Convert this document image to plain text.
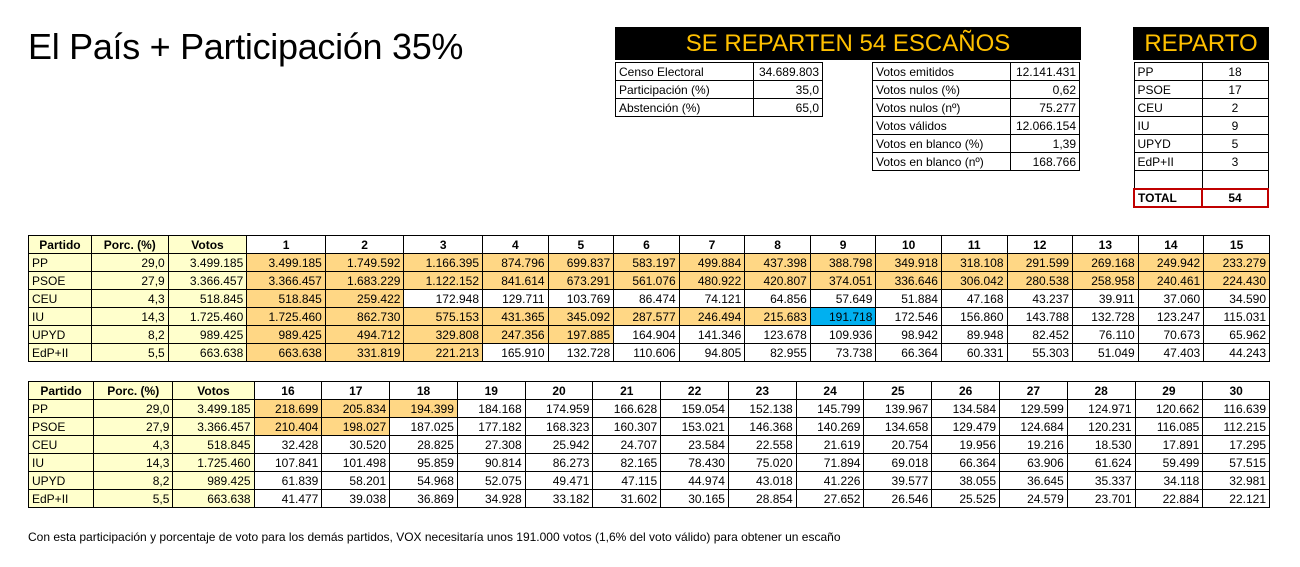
El País + Participación 35%	SE REPARTEN 54 ESCAÑOS	REPARTO
Censo Electoral	34.689.803
Participación (%)	35,0
Abstención (%)	65,0
Votos emitidos	12.141.431
Votos nulos (%)	0,62
Votos nulos (nº)	75.277
Votos válidos	12.066.154
Votos en blanco (%)	1,39
Votos en blanco (nº)	168.766
PP	18
PSOE	17
CEU	2
IU	9
UPYD	5
EdP+II	3

TOTAL	54
Partido	Porc. (%)	Votos	1	2	3	4	5	6	7	8	9	10	11	12	13	14	15
PP	29,0	3.499.185	3.499.185	1.749.592	1.166.395	874.796	699.837	583.197	499.884	437.398	388.798	349.918	318.108	291.599	269.168	249.942	233.279
PSOE	27,9	3.366.457	3.366.457	1.683.229	1.122.152	841.614	673.291	561.076	480.922	420.807	374.051	336.646	306.042	280.538	258.958	240.461	224.430
CEU	4,3	518.845	518.845	259.422	172.948	129.711	103.769	86.474	74.121	64.856	57.649	51.884	47.168	43.237	39.911	37.060	34.590
IU	14,3	1.725.460	1.725.460	862.730	575.153	431.365	345.092	287.577	246.494	215.683	191.718	172.546	156.860	143.788	132.728	123.247	115.031
UPYD	8,2	989.425	989.425	494.712	329.808	247.356	197.885	164.904	141.346	123.678	109.936	98.942	89.948	82.452	76.110	70.673	65.962
EdP+II	5,5	663.638	663.638	331.819	221.213	165.910	132.728	110.606	94.805	82.955	73.738	66.364	60.331	55.303	51.049	47.403	44.243
Partido	Porc. (%)	Votos	16	17	18	19	20	21	22	23	24	25	26	27	28	29	30
PP	29,0	3.499.185	218.699	205.834	194.399	184.168	174.959	166.628	159.054	152.138	145.799	139.967	134.584	129.599	124.971	120.662	116.639
PSOE	27,9	3.366.457	210.404	198.027	187.025	177.182	168.323	160.307	153.021	146.368	140.269	134.658	129.479	124.684	120.231	116.085	112.215
CEU	4,3	518.845	32.428	30.520	28.825	27.308	25.942	24.707	23.584	22.558	21.619	20.754	19.956	19.216	18.530	17.891	17.295
IU	14,3	1.725.460	107.841	101.498	95.859	90.814	86.273	82.165	78.430	75.020	71.894	69.018	66.364	63.906	61.624	59.499	57.515
UPYD	8,2	989.425	61.839	58.201	54.968	52.075	49.471	47.115	44.974	43.018	41.226	39.577	38.055	36.645	35.337	34.118	32.981
EdP+II	5,5	663.638	41.477	39.038	36.869	34.928	33.182	31.602	30.165	28.854	27.652	26.546	25.525	24.579	23.701	22.884	22.121
Con esta participación y porcentaje de voto para los demás partidos, VOX necesitaría unos 191.000 votos (1,6% del voto válido) para obtener un escaño
